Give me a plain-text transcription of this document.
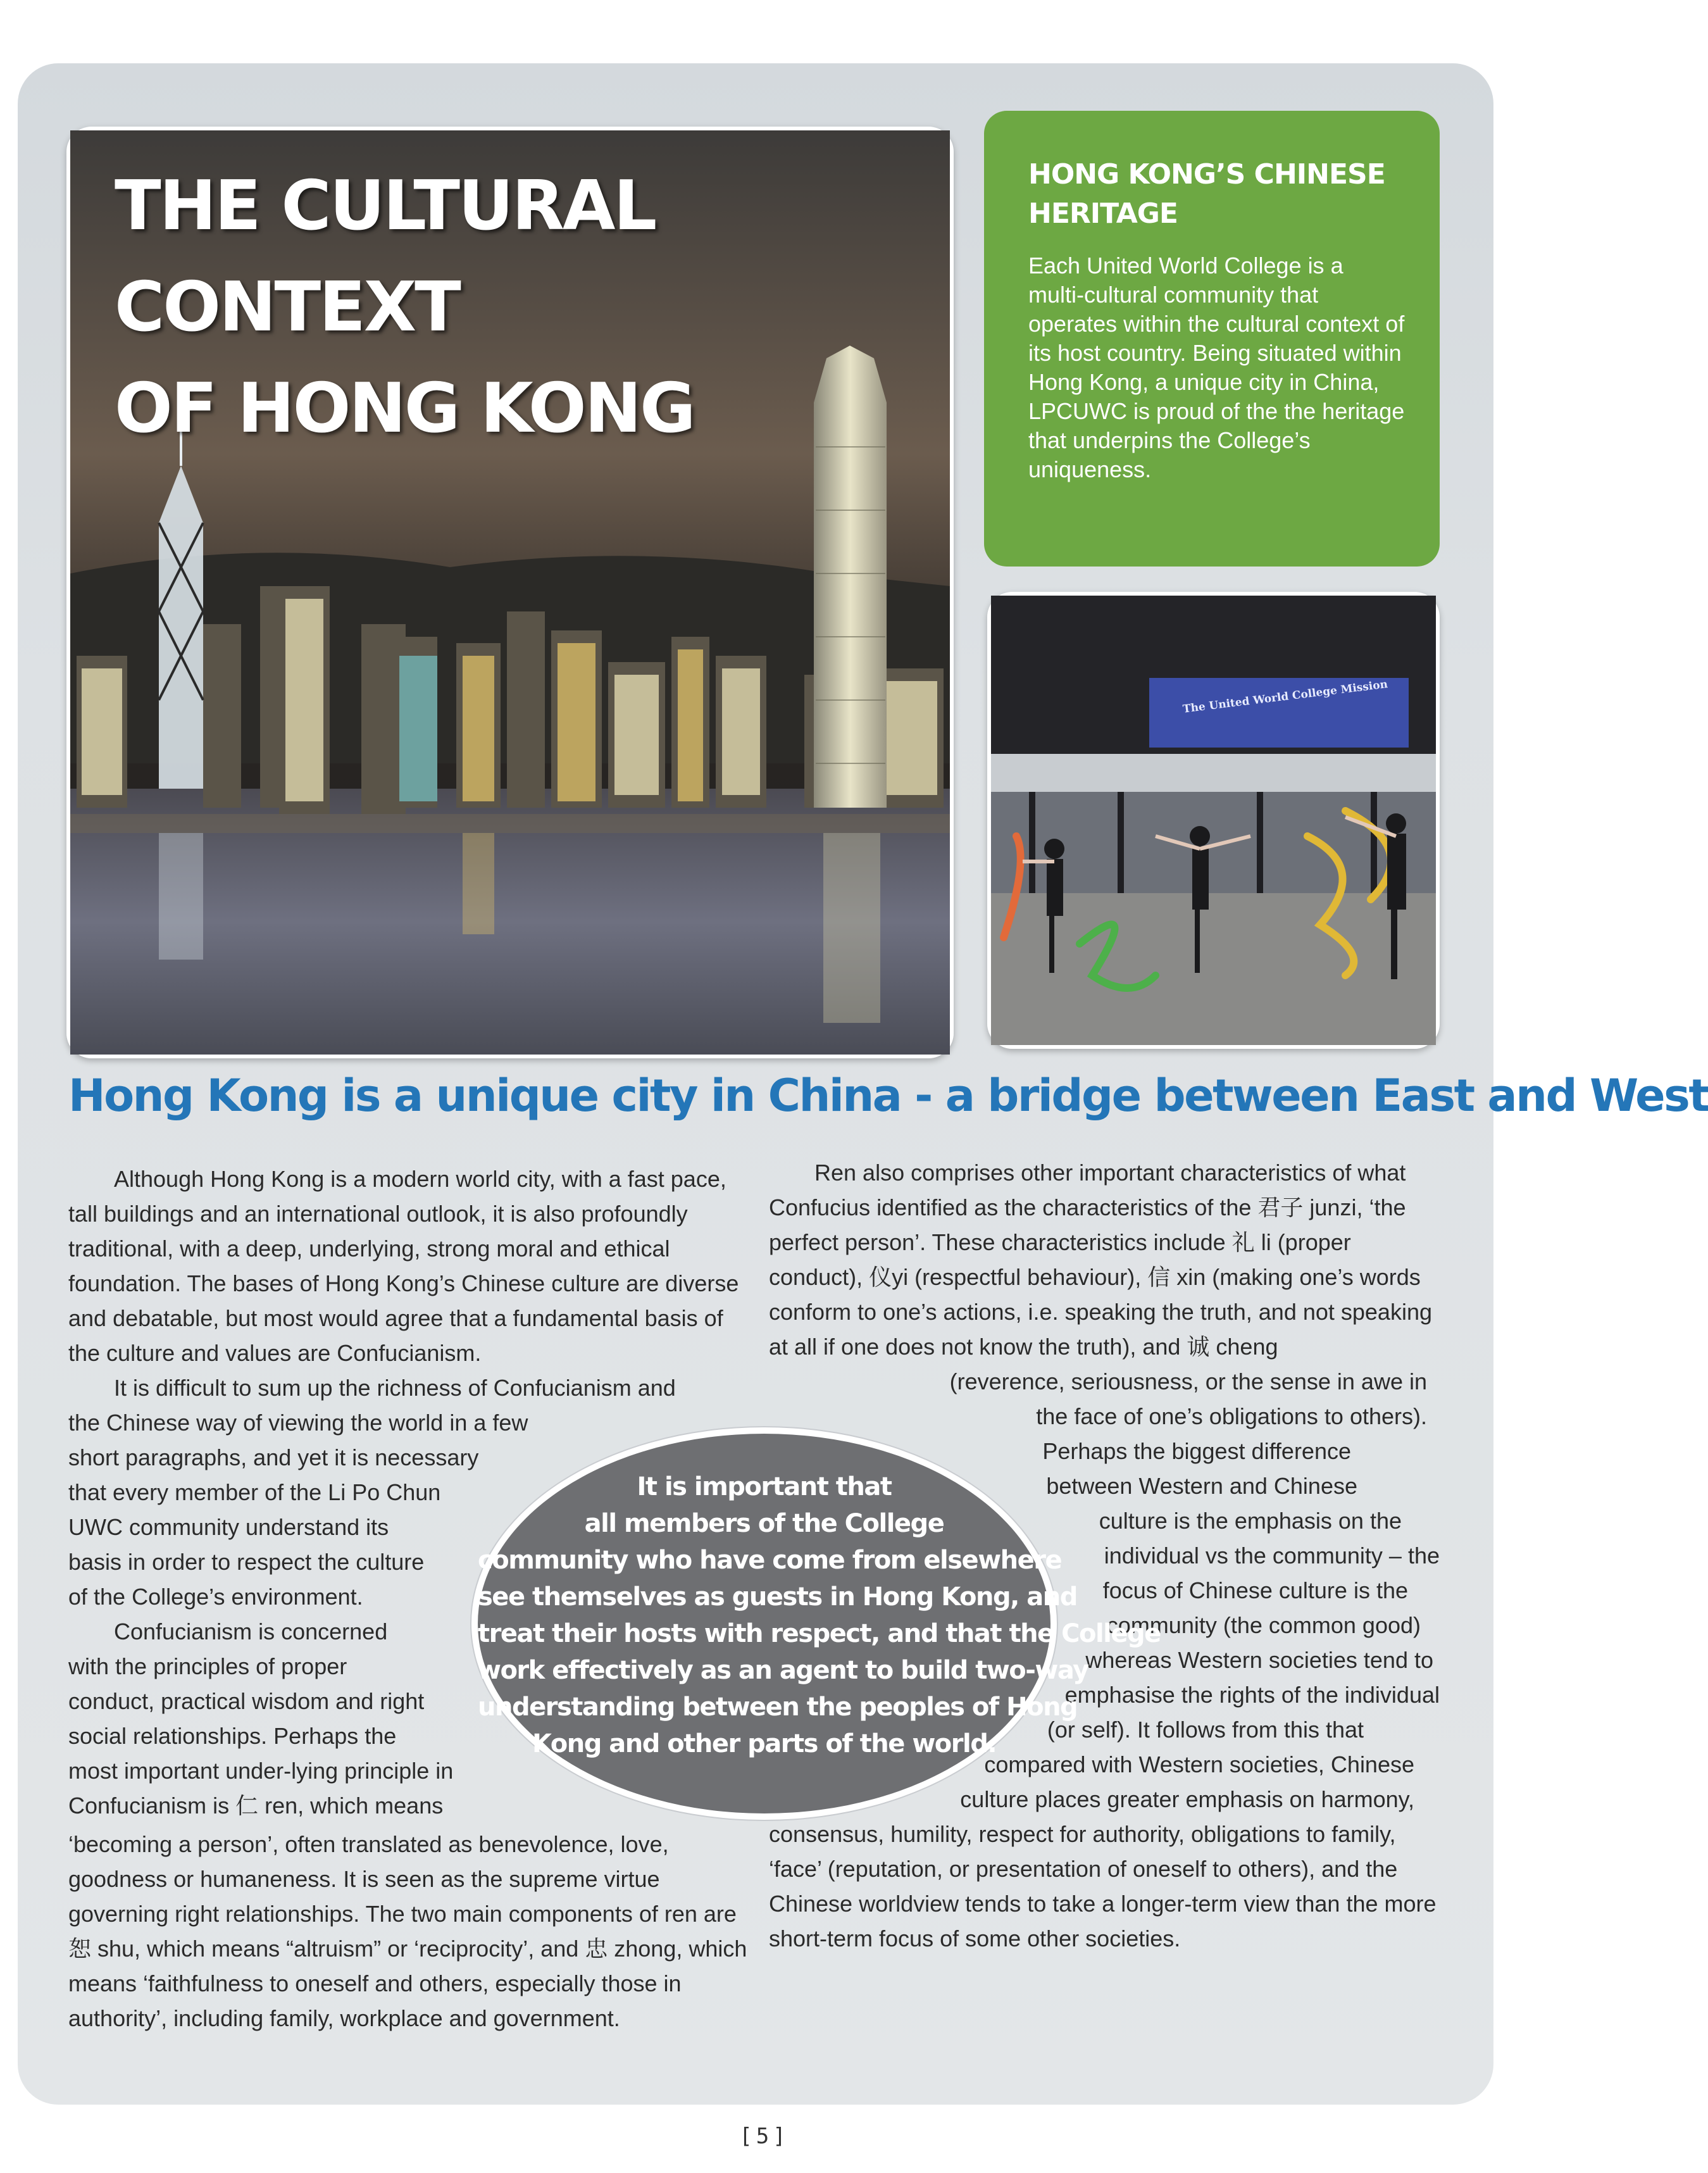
THE CULTURAL CONTEXT
OF HONG KONG
HONG KONG’S CHINESE
HERITAGE

Each United World College is a multi-cultural community that operates within the cultural context of its host country. Being situated within Hong Kong, a unique city in China, LPCUWC is proud of the the heritage that underpins the College’s uniqueness.

The United World College Mission
Hong Kong is a unique city in China - a bridge between East and West

Although Hong Kong is a modern world city, with a fast pace, tall buildings and an international outlook, it is also profoundly traditional, with a deep, underlying, strong moral and ethical foundation. The bases of Hong Kong’s Chinese culture are diverse and debatable, but most would agree that a fundamental basis of the culture and values are Confucianism.

It is difficult to sum up the richness of Confucianism and
the Chinese way of viewing the world in a few
short paragraphs, and yet it is necessary
that every member of the Li Po Chun
UWC community understand its
basis in order to respect the culture
of the College’s environment.
Confucianism is concerned
with the principles of proper
conduct, practical wisdom and right
social relationships. Perhaps the
most important under-lying principle in
Confucianism is 仁 ren, which means

‘becoming a person’, often translated as benevolence, love, goodness or humaneness. It is seen as the supreme virtue governing right relationships. The two main components of ren are 恕 shu, which means “altruism” or ‘reciprocity’, and 忠 zhong, which means ‘faithfulness to oneself and others, especially those in authority’, including family, workplace and government.

Ren also comprises other important characteristics of what Confucius identified as the characteristics of the 君子 junzi, ‘the perfect person’. These characteristics include 礼 li (proper conduct), 仪yi (respectful behaviour), 信 xin (making one’s words conform to one’s actions, i.e. speaking the truth, and not speaking at all if one does not know the truth), and 诚 cheng

(reverence, seriousness, or the sense in awe in
the face of one’s obligations to others).
Perhaps the biggest difference
between Western and Chinese
culture is the emphasis on the
individual vs the community – the
focus of Chinese culture is the
community (the common good)
whereas Western societies tend to
emphasise the rights of the individual
(or self). It follows from this that
compared with Western societies, Chinese
culture places greater emphasis on harmony,

consensus, humility, respect for authority, obligations to family, ‘face’ (reputation, or presentation of oneself to others), and the Chinese worldview tends to take a longer-term view than the more short-term focus of some other societies.

It is important that
all members of the College
community who have come from elsewhere
see themselves as guests in Hong Kong, and
treat their hosts with respect, and that the College
work effectively as an agent to build two-way
understanding between the peoples of Hong
Kong and other parts of the world.

[5]
